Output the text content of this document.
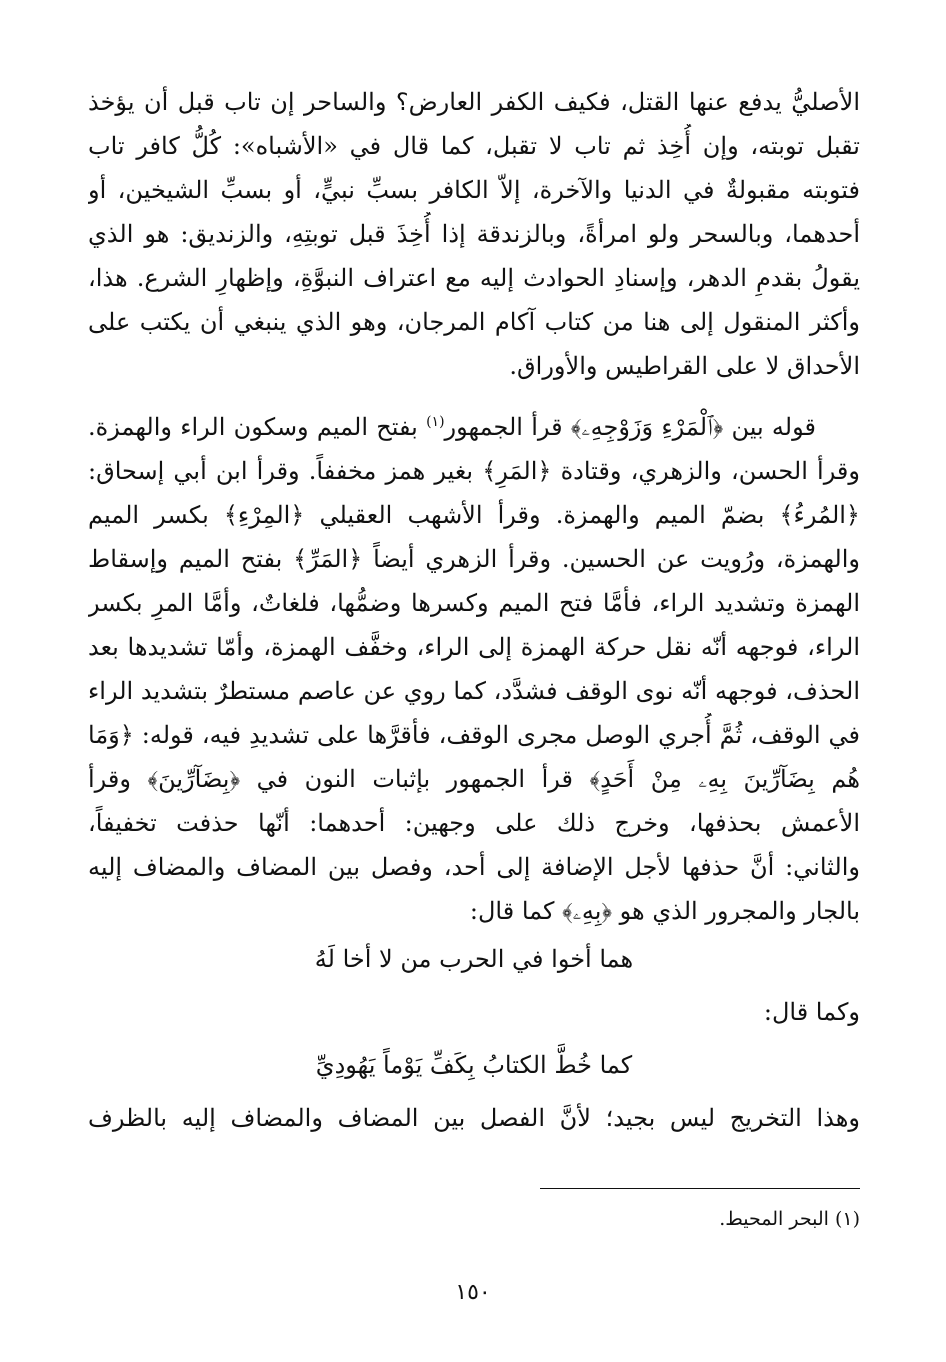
الأصليُّ يدفع عنها القتل، فكيف الكفر العارض؟ والساحر إن تاب قبل أن يؤخذ
تقبل توبته، وإن أُخِذ ثم تاب لا تقبل، كما قال في «الأشباه»: كُلُّ كافر تاب
فتوبته مقبولةٌ في الدنيا والآخرة، إلاّ الكافر بسبِّ نبيٍّ، أو بسبِّ الشيخين، أو
أحدهما، وبالسحر ولو امرأةً، وبالزندقة إذا أُخِذَ قبل توبتِهِ، والزنديق: هو الذي
يقولُ بقدمِ الدهر، وإسنادِ الحوادث إليه مع اعتراف النبوَّةِ، وإظهارِ الشرع. هذا،
وأكثر المنقول إلى هنا من كتاب آكام المرجان، وهو الذي ينبغي أن يكتب على
الأحداق لا على القراطيس والأوراق.
قوله بين ﴿ٱلْمَرْءِ وَزَوْجِهِۦ﴾ قرأ الجمهور$^{(١)}$ بفتح الميم وسكون الراء والهمزة.
وقرأ الحسن، والزهري، وقتادة ﴿المَرِ﴾ بغير همز مخففاً. وقرأ ابن أبي إسحاق:
﴿المُرءُ﴾ بضمّ الميم والهمزة. وقرأ الأشهب العقيلي ﴿المِرْءِ﴾ بكسر الميم
والهمزة، ورُويت عن الحسين. وقرأ الزهري أيضاً ﴿المَرِّ﴾ بفتح الميم وإسقاط
الهمزة وتشديد الراء، فأمَّا فتح الميم وكسرها وضمُّها، فلغاتٌ، وأمَّا المرِ بكسر
الراء، فوجهه أنّه نقل حركة الهمزة إلى الراء، وخفَّف الهمزة، وأمّا تشديدها بعد
الحذف، فوجهه أنّه نوى الوقف فشدَّد، كما روي عن عاصم مستطرٌ بتشديد الراء
في الوقف، ثُمَّ أُجري الوصل مجرى الوقف، فأقرَّها على تشديدِ فيه، قوله: ﴿وَمَا
هُم بِضَآرِّينَ بِهِۦ مِنْ أَحَدٍ﴾ قرأ الجمهور بإثبات النون في ﴿بِضَآرِّينَ﴾ وقرأ
الأعمش بحذفها، وخرج ذلك على وجهين: أحدهما: أنّها حذفت تخفيفاً،
والثاني: أنَّ حذفها لأجل الإضافة إلى أحد، وفصل بين المضاف والمضاف إليه
بالجار والمجرور الذي هو ﴿بِهِۦ﴾ كما قال:
هما أخوا في الحرب من لا أخا لَهُ
وكما قال:
كما خُطَّ الكتابُ بِكَفِّ يَوْماً يَهُودِيِّ
وهذا التخريج ليس بجيد؛ لأنَّ الفصل بين المضاف والمضاف إليه بالظرف
(١) البحر المحيط.
١٥٠
